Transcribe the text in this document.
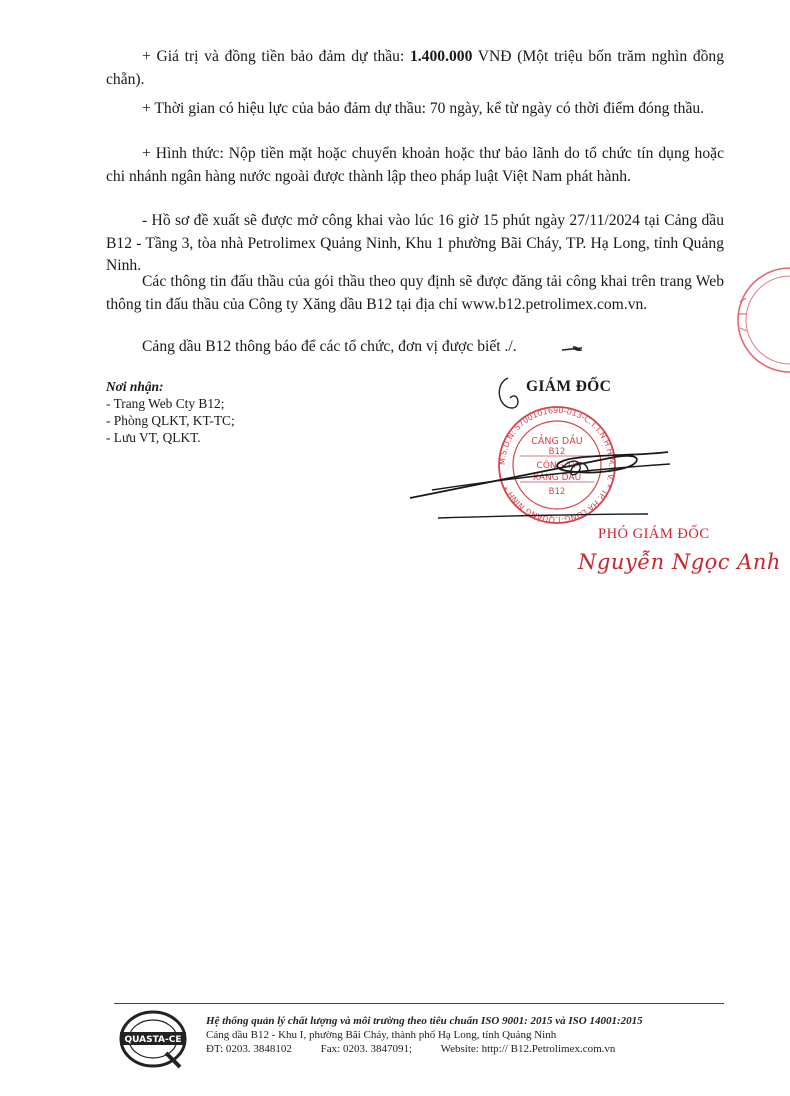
+ Giá trị và đồng tiền bảo đảm dự thầu: 1.400.000 VNĐ (Một triệu bốn trăm nghìn đồng chẵn).

+ Thời gian có hiệu lực của bảo đảm dự thầu: 70 ngày, kể từ ngày có thời điểm đóng thầu.

+ Hình thức: Nộp tiền mặt hoặc chuyển khoản hoặc thư bảo lãnh do tổ chức tín dụng hoặc chi nhánh ngân hàng nước ngoài được thành lập theo pháp luật Việt Nam phát hành.

- Hồ sơ đề xuất sẽ được mở công khai vào lúc 16 giờ 15 phút ngày 27/11/2024 tại Cảng dầu B12 - Tầng 3, tòa nhà Petrolimex Quảng Ninh, Khu 1 phường Bãi Cháy, TP. Hạ Long, tỉnh Quảng Ninh.

Các thông tin đấu thầu của gói thầu theo quy định sẽ được đăng tải công khai trên trang Web thông tin đấu thầu của Công ty Xăng dầu B12 tại địa chỉ www.b12.petrolimex.com.vn.

Cảng dầu B12 thông báo để các tổ chức, đơn vị được biết ./.

Nơi nhận:
- Trang Web Cty B12;
- Phòng QLKT, KT-TC;
- Lưu VT, QLKT.
GIÁM ĐỐC
M.S.D.N: 5700101690-013-C.T.T.N.H.H.M.T.V. * TP. HẠ LONG-T.QUẢNG NINH *
CẢNG DẦU
B12
CÔNG TY
XĂNG DẦU
B12
PHÓ GIÁM ĐỐC
Nguyễn Ngọc Anh
QUASTA-CE
Hệ thống quản lý chất lượng và môi trường theo tiêu chuẩn ISO 9001: 2015 và ISO 14001:2015
Cảng dầu B12 - Khu I, phường Bãi Cháy, thành phố Hạ Long, tỉnh Quảng Ninh
ĐT: 0203. 3848102	Fax: 0203. 3847091;	Website: http:// B12.Petrolimex.com.vn
